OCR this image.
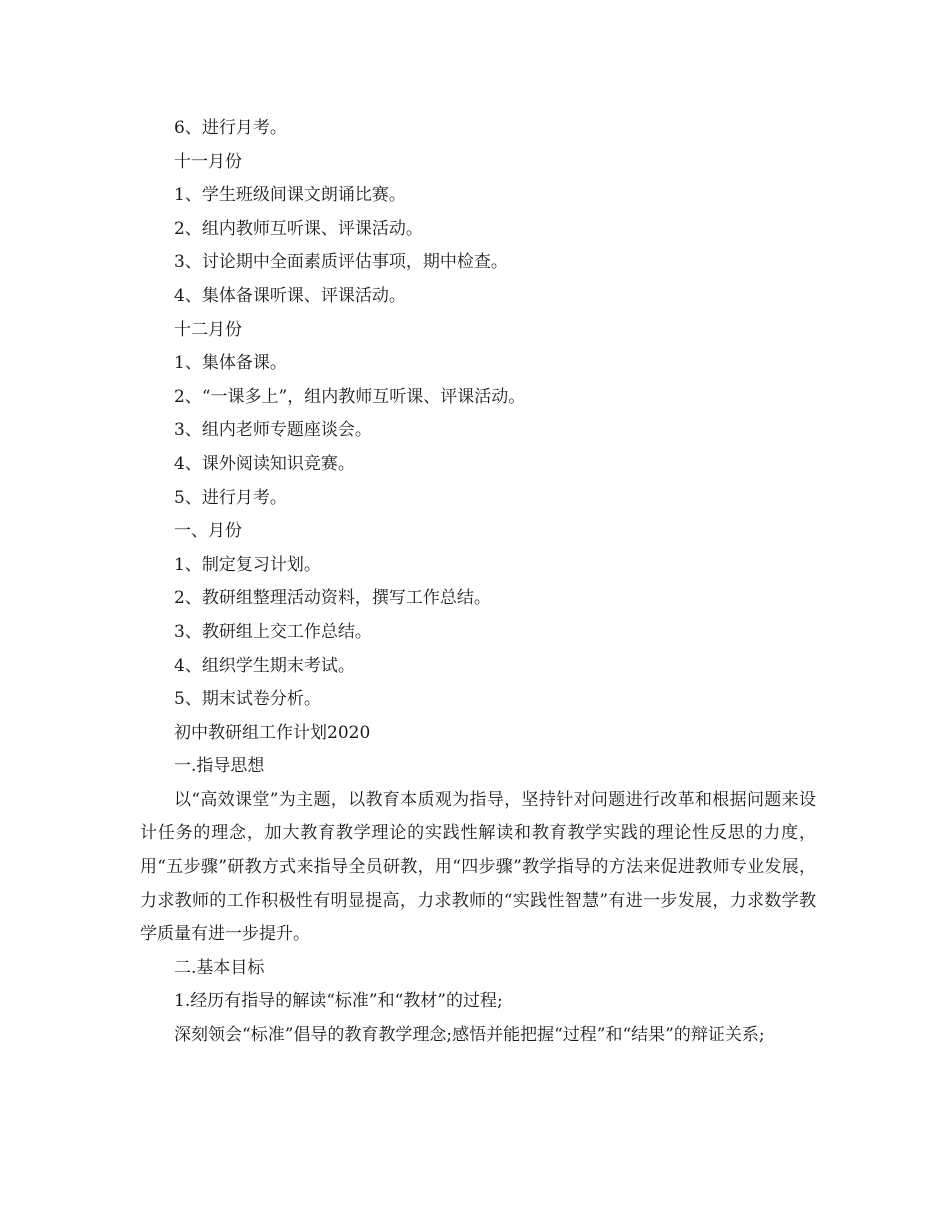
6、进行月考。
十一月份
1、学生班级间课文朗诵比赛。
2、组内教师互听课、评课活动。
3、讨论期中全面素质评估事项，期中检查。
4、集体备课听课、评课活动。
十二月份
1、集体备课。
2、“一课多上”，组内教师互听课、评课活动。
3、组内老师专题座谈会。
4、课外阅读知识竞赛。
5、进行月考。
一、月份
1、制定复习计划。
2、教研组整理活动资料，撰写工作总结。
3、教研组上交工作总结。
4、组织学生期末考试。
5、期末试卷分析。
初中教研组工作计划2020
一.指导思想

以“高效课堂”为主题，以教育本质观为指导，坚持针对问题进行改革和根据问题来设计任务的理念，加大教育教学理论的实践性解读和教育教学实践的理论性反思的力度，用“五步骤”研教方式来指导全员研教，用“四步骤”教学指导的方法来促进教师专业发展，力求教师的工作积极性有明显提高，力求教师的“实践性智慧”有进一步发展，力求数学教学质量有进一步提升。

二.基本目标
1.经历有指导的解读“标准”和“教材”的过程;

深刻领会“标准”倡导的教育教学理念;感悟并能把握“过程”和“结果”的辩证关系;
